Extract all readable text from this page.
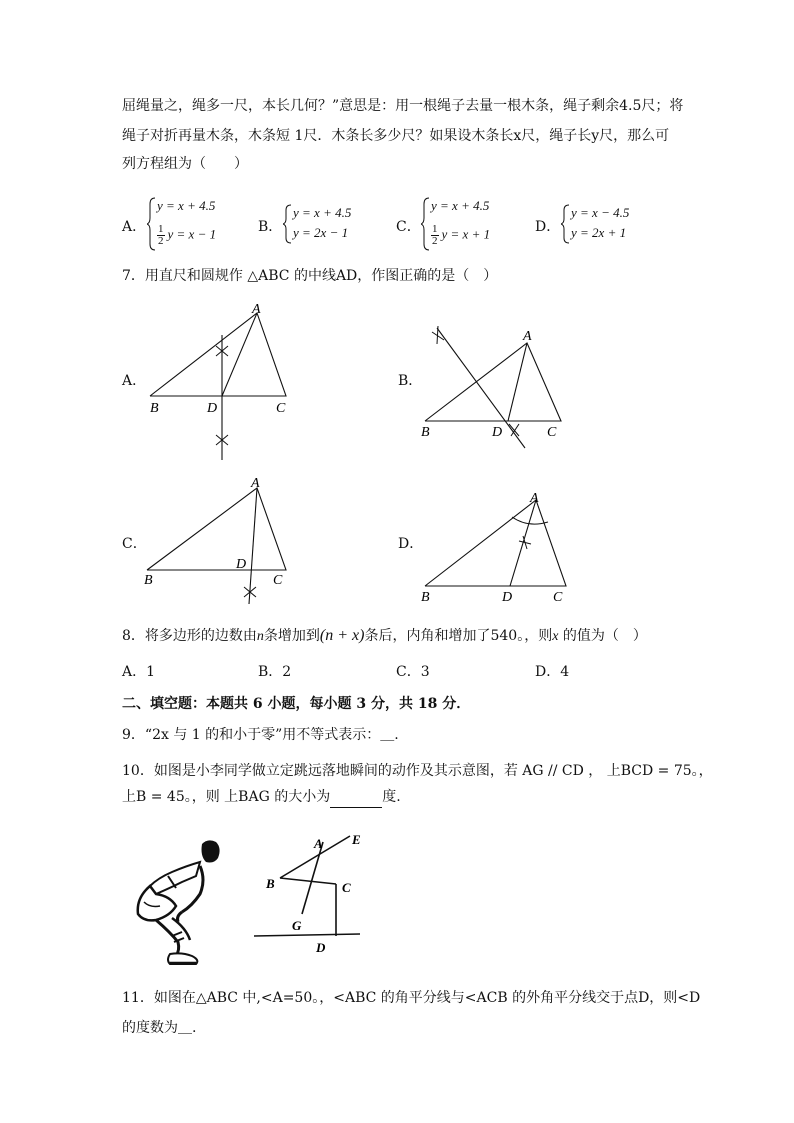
屈绳量之，绳多一尺，本长几何？”意思是：用一根绳子去量一根木条，绳子剩余4.5尺；将
绳子对折再量木条，木条短 1尺．木条长多少尺？如果设木条长x尺，绳子长y尺，那么可
列方程组为（　　）
A．
y = x + 4.5
$\frac{1}{2}$ y = x − 1	B．
y = x + 4.5
y = 2x − 1	C．
y = x + 4.5
$\frac{1}{2}$ y = x + 1	D．
y = x − 4.5
y = 2x + 1
7．用直尺和圆规作 △ABC 的中线AD，作图正确的是（　）
A．
A
B	D	C
B．
A
B	D	C
C．
A
B
D
C
D．
A
B	D	C
8．将多边形的边数由n条增加到(n + x)条后，内角和增加了540。，则x 的值为（　）
A．1	B．2	C．3	D．4
二、填空题：本题共 6 小题，每小题 3 分，共 18 分．
9．“2x 与 1 的和小于零”用不等式表示：＿.
10．如图是小李同学做立定跳远落地瞬间的动作及其示意图，若 AG // CD ， 上BCD = 75。，
上B = 45。，则 上BAG 的大小为	度.
A E
B	C
G
D
11．如图在△ABC 中,<A=50。，<ABC 的角平分线与<ACB 的外角平分线交于点D，则<D
的度数为＿.
